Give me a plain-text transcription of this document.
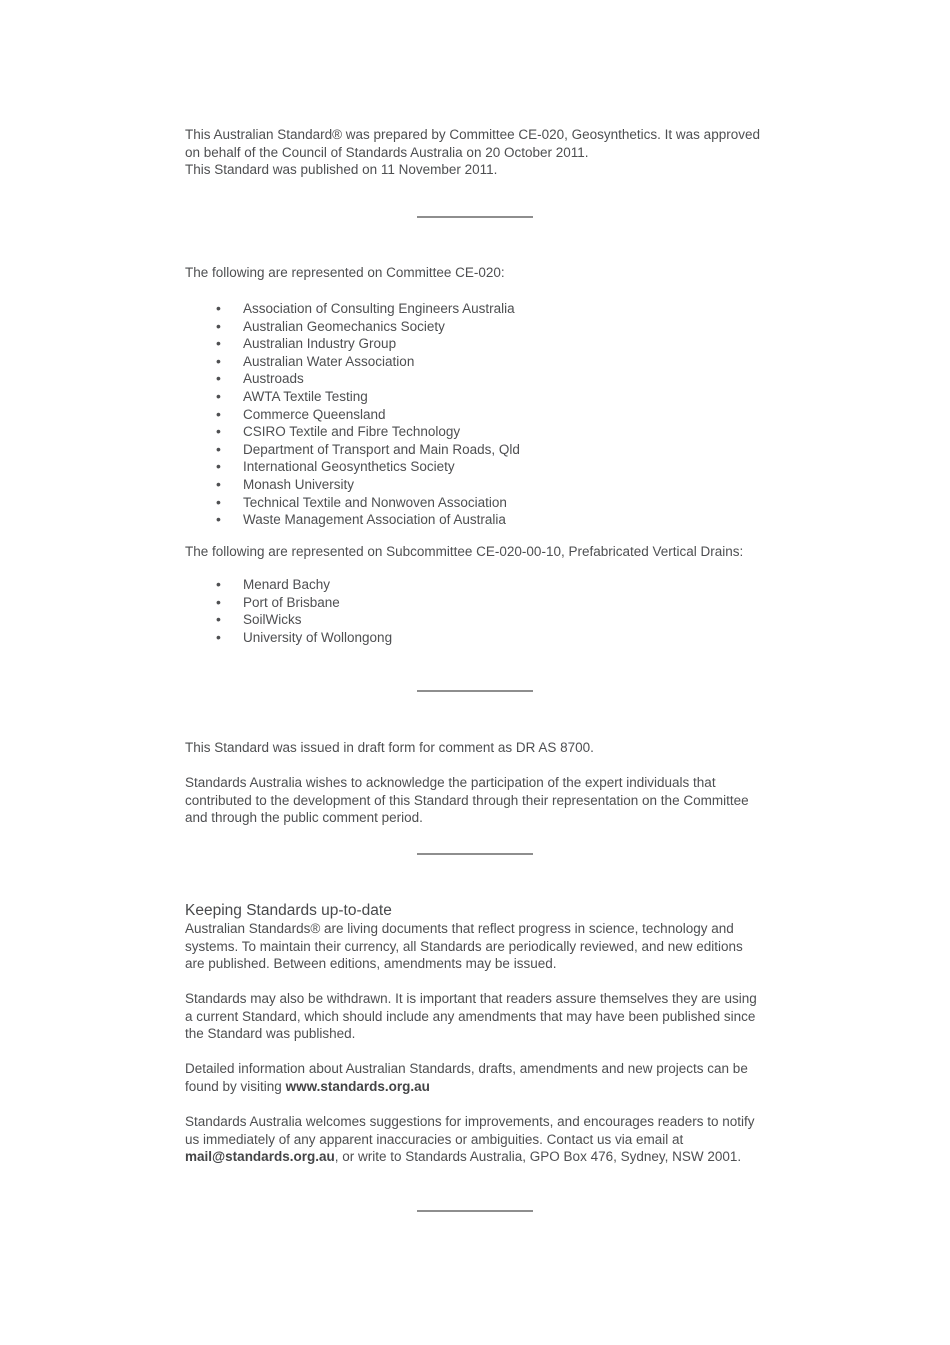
This Australian Standard® was prepared by Committee CE-020, Geosynthetics. It was approved on behalf of the Council of Standards Australia on 20 October 2011.
This Standard was published on 11 November 2011.

The following are represented on Committee CE-020:

• Association of Consulting Engineers Australia
• Australian Geomechanics Society
• Australian Industry Group
• Australian Water Association
• Austroads
• AWTA Textile Testing
• Commerce Queensland
• CSIRO Textile and Fibre Technology
• Department of Transport and Main Roads, Qld
• International Geosynthetics Society
• Monash University
• Technical Textile and Nonwoven Association
• Waste Management Association of Australia

The following are represented on Subcommittee CE-020-00-10, Prefabricated Vertical Drains:

• Menard Bachy
• Port of Brisbane
• SoilWicks
• University of Wollongong

This Standard was issued in draft form for comment as DR AS 8700.

Standards Australia wishes to acknowledge the participation of the expert individuals that contributed to the development of this Standard through their representation on the Committee and through the public comment period.

Keeping Standards up-to-date

Australian Standards® are living documents that reflect progress in science, technology and systems. To maintain their currency, all Standards are periodically reviewed, and new editions are published. Between editions, amendments may be issued.

Standards may also be withdrawn. It is important that readers assure themselves they are using a current Standard, which should include any amendments that may have been published since the Standard was published.

Detailed information about Australian Standards, drafts, amendments and new projects can be found by visiting www.standards.org.au

Standards Australia welcomes suggestions for improvements, and encourages readers to notify us immediately of any apparent inaccuracies or ambiguities. Contact us via email at mail@standards.org.au, or write to Standards Australia, GPO Box 476, Sydney, NSW 2001.
